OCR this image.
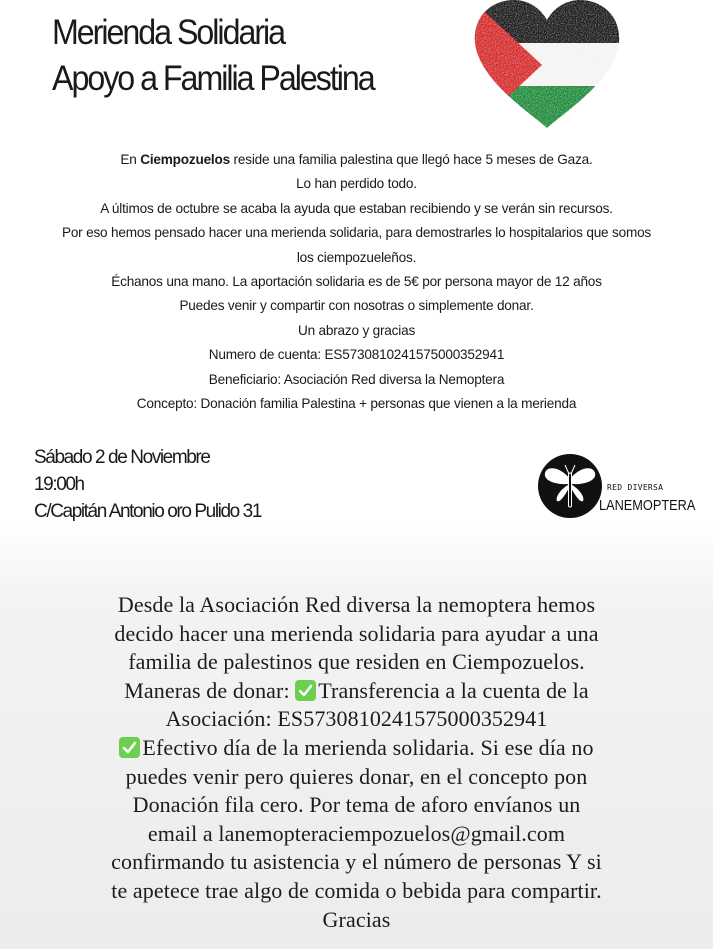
Merienda Solidaria
Apoyo a Familia Palestina
En Ciempozuelos reside una familia palestina que llegó hace 5 meses de Gaza.
Lo han perdido todo.
A últimos de octubre se acaba la ayuda que estaban recibiendo y se verán sin recursos.
Por eso hemos pensado hacer una merienda solidaria, para demostrarles lo hospitalarios que somos
los ciempozueleños.
Échanos una mano. La aportación solidaria es de 5€ por persona mayor de 12 años
Puedes venir y compartir con nosotras o simplemente donar.
Un abrazo y gracias
Numero de cuenta: ES5730810241575000352941
Beneficiario: Asociación Red diversa la Nemoptera
Concepto: Donación familia Palestina + personas que vienen a la merienda
Sábado 2 de Noviembre
19:00h
C/Capitán Antonio oro Pulido 31
RED DIVERSA
LANEMOPTERA
Desde la Asociación Red diversa la nemoptera hemos
decido hacer una merienda solidaria para ayudar a una
familia de palestinos que residen en Ciempozuelos.
Maneras de donar:
Transferencia a la cuenta de la
Asociación: ES5730810241575000352941
Efectivo día de la merienda solidaria. Si ese día no
puedes venir pero quieres donar, en el concepto pon
Donación fila cero. Por tema de aforo envíanos un
email a lanemopteraciempozuelos@gmail.com
confirmando tu asistencia y el número de personas Y si
te apetece trae algo de comida o bebida para compartir.
Gracias
